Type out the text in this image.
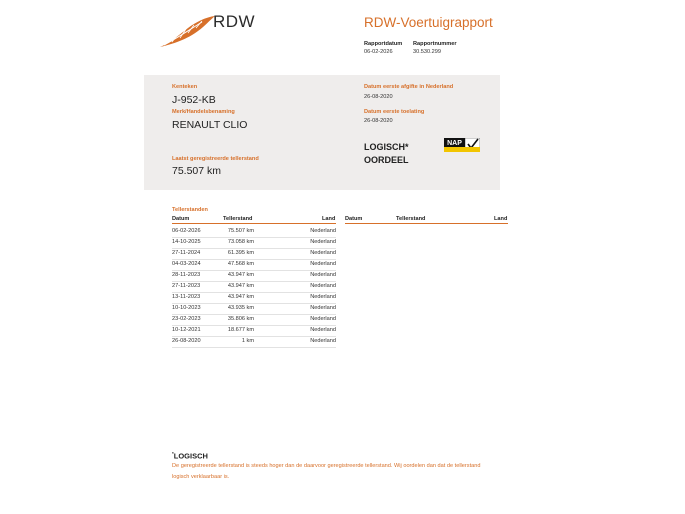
RDW	RDW-Voertuigrapport
Rapportdatum
06-02-2026
Rapportnummer
30.530.299
Kenteken
J-952-KB
Merk/Handelsbenaming
RENAULT CLIO
Laatst geregistreerde tellerstand
75.507 km
Datum eerste afgifte in Nederland
26-08-2020
Datum eerste toelating
26-08-2020
LOGISCH*
OORDEEL
NAP
Tellerstanden
Datum	Tellerstand	Land Datum	Tellerstand	Land
06-02-2026	75.507 km	Nederland
14-10-2025	73.058 km	Nederland
27-11-2024	61.395 km	Nederland
04-03-2024	47.568 km	Nederland
28-11-2023	43.947 km	Nederland
27-11-2023	43.947 km	Nederland
13-11-2023	43.947 km	Nederland
10-10-2023	43.935 km	Nederland
23-02-2023	35.806 km	Nederland
10-12-2021	18.677 km	Nederland
26-08-2020	1 km	Nederland
*LOGISCH
De geregistreerde tellerstand is steeds hoger dan de daarvoor geregistreerde tellerstand. Wij oordelen dan dat de tellerstand logisch verklaarbaar is.
